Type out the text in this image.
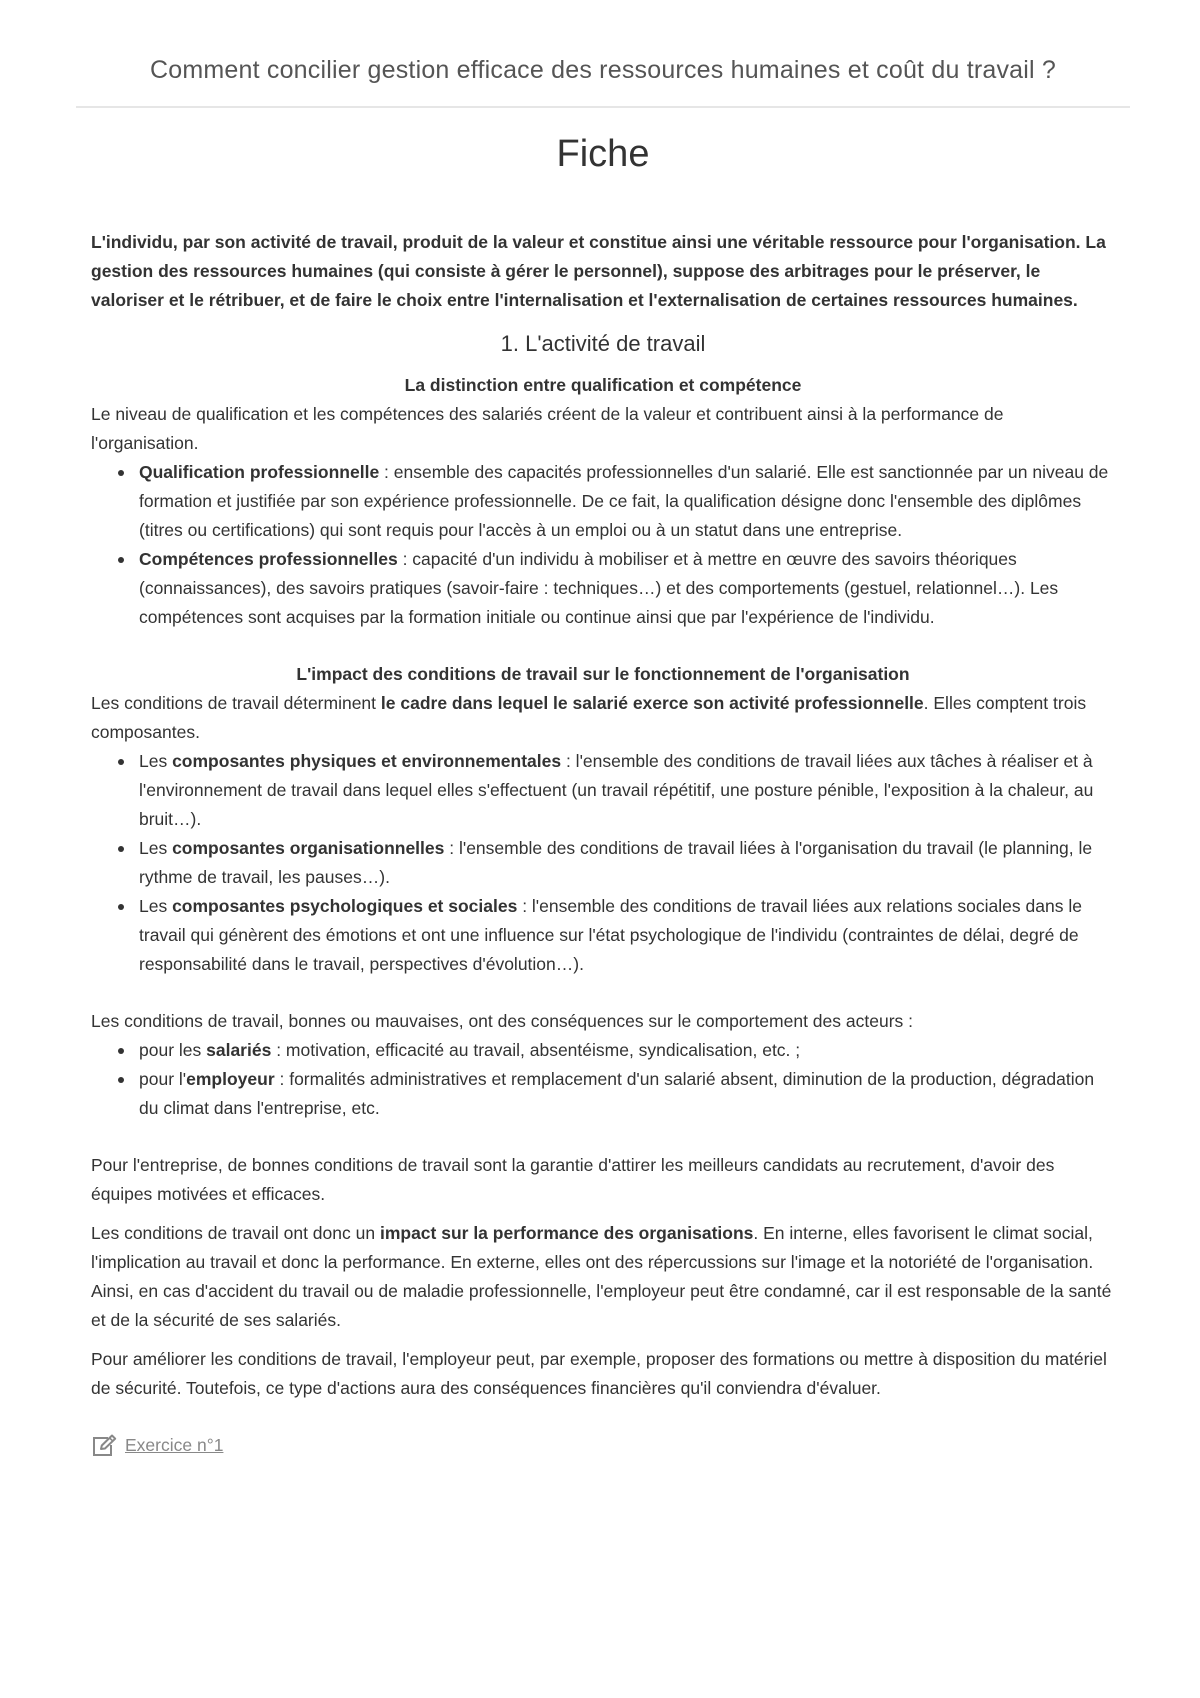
Comment concilier gestion efficace des ressources humaines et coût du travail ?
Fiche

L'individu, par son activité de travail, produit de la valeur et constitue ainsi une véritable ressource pour l'organisation. La gestion des ressources humaines (qui consiste à gérer le personnel), suppose des arbitrages pour le préserver, le valoriser et le rétribuer, et de faire le choix entre l'internalisation et l'externalisation de certaines ressources humaines.

1. L'activité de travail

La distinction entre qualification et compétence

Le niveau de qualification et les compétences des salariés créent de la valeur et contribuent ainsi à la performance de l'organisation.

Qualification professionnelle : ensemble des capacités professionnelles d'un salarié. Elle est sanctionnée par un niveau de formation et justifiée par son expérience professionnelle. De ce fait, la qualification désigne donc l'ensemble des diplômes (titres ou certifications) qui sont requis pour l'accès à un emploi ou à un statut dans une entreprise.
Compétences professionnelles : capacité d'un individu à mobiliser et à mettre en œuvre des savoirs théoriques (connaissances), des savoirs pratiques (savoir-faire : techniques…) et des comportements (gestuel, relationnel…). Les compétences sont acquises par la formation initiale ou continue ainsi que par l'expérience de l'individu.

L'impact des conditions de travail sur le fonctionnement de l'organisation

Les conditions de travail déterminent le cadre dans lequel le salarié exerce son activité professionnelle. Elles comptent trois composantes.

Les composantes physiques et environnementales : l'ensemble des conditions de travail liées aux tâches à réaliser et à l'environnement de travail dans lequel elles s'effectuent (un travail répétitif, une posture pénible, l'exposition à la chaleur, au bruit…).
Les composantes organisationnelles : l'ensemble des conditions de travail liées à l'organisation du travail (le planning, le rythme de travail, les pauses…).
Les composantes psychologiques et sociales : l'ensemble des conditions de travail liées aux relations sociales dans le travail qui génèrent des émotions et ont une influence sur l'état psychologique de l'individu (contraintes de délai, degré de responsabilité dans le travail, perspectives d'évolution…).

Les conditions de travail, bonnes ou mauvaises, ont des conséquences sur le comportement des acteurs :

pour les salariés : motivation, efficacité au travail, absentéisme, syndicalisation, etc. ;
pour l'employeur : formalités administratives et remplacement d'un salarié absent, diminution de la production, dégradation du climat dans l'entreprise, etc.

Pour l'entreprise, de bonnes conditions de travail sont la garantie d'attirer les meilleurs candidats au recrutement, d'avoir des équipes motivées et efficaces.

Les conditions de travail ont donc un impact sur la performance des organisations. En interne, elles favorisent le climat social, l'implication au travail et donc la performance. En externe, elles ont des répercussions sur l'image et la notoriété de l'organisation. Ainsi, en cas d'accident du travail ou de maladie professionnelle, l'employeur peut être condamné, car il est responsable de la santé et de la sécurité de ses salariés.

Pour améliorer les conditions de travail, l'employeur peut, par exemple, proposer des formations ou mettre à disposition du matériel de sécurité. Toutefois, ce type d'actions aura des conséquences financières qu'il conviendra d'évaluer.

Exercice n°1
